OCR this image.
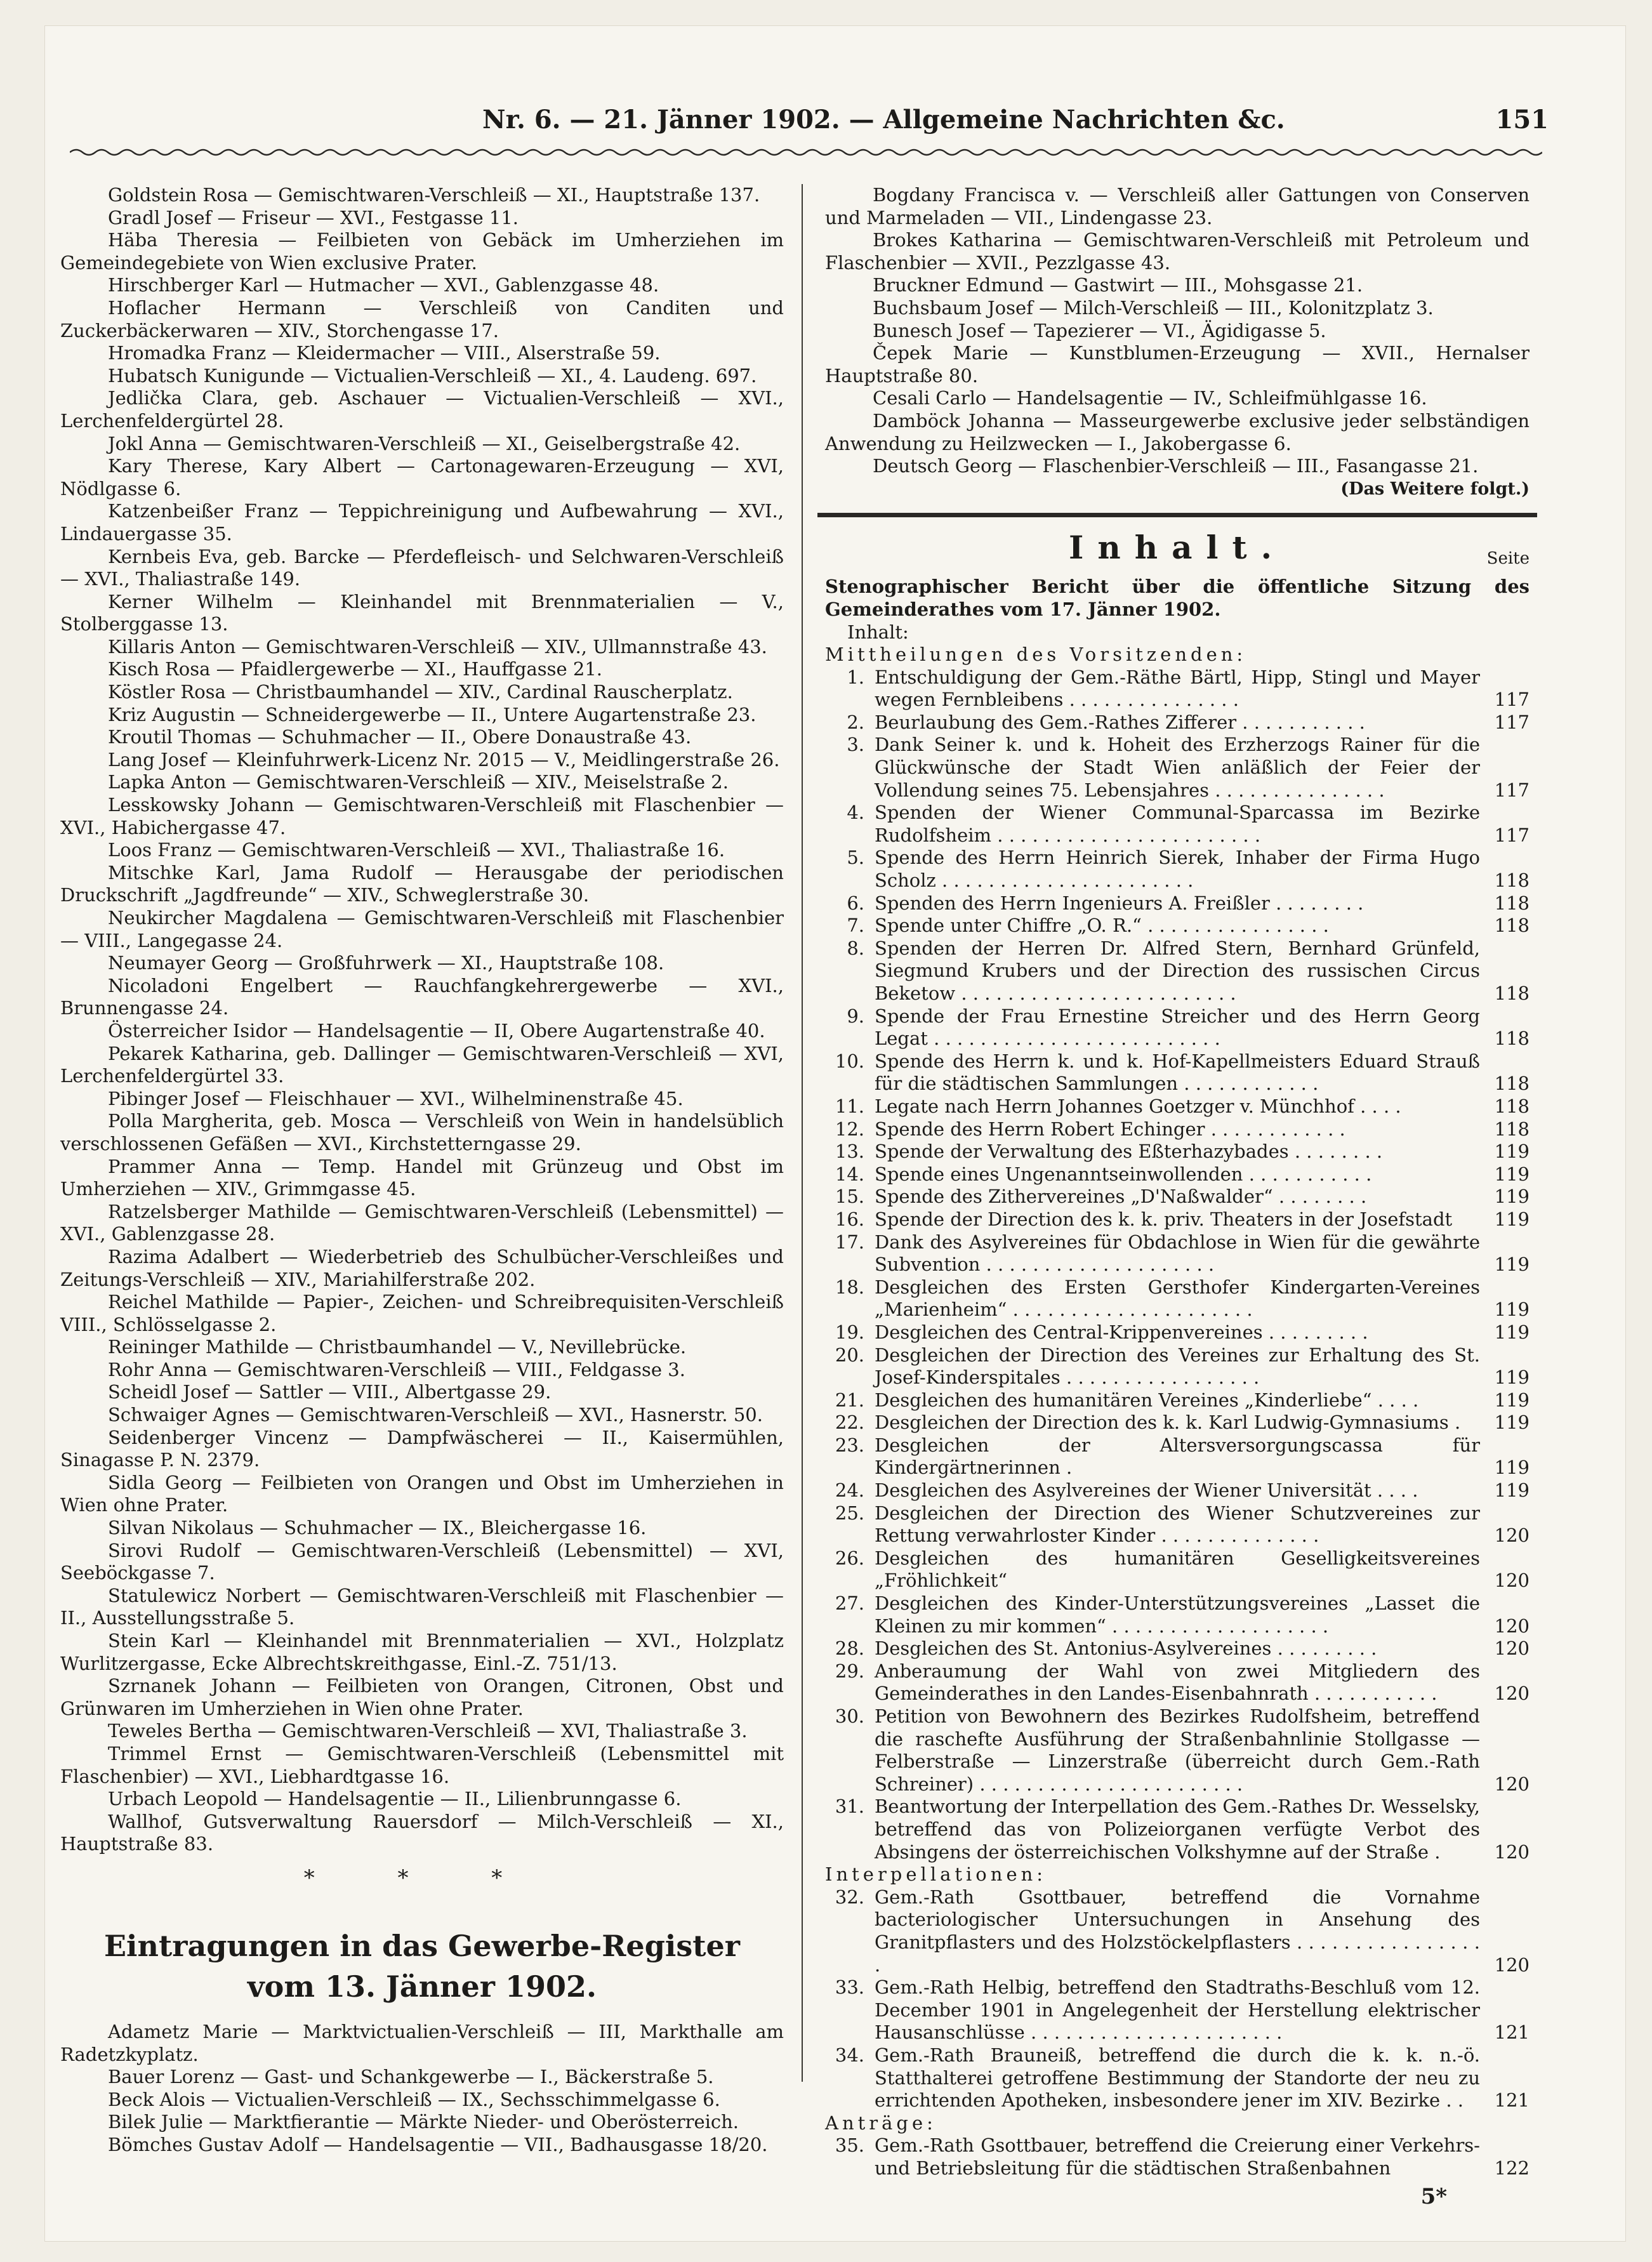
Nr. 6. — 21. Jänner 1902. — Allgemeine Nachrichten &c.	151

Goldstein Rosa — Gemischtwaren-Verschleiß — XI., Hauptstraße 137.

Gradl Josef — Friseur — XVI., Festgasse 11.

Häba Theresia — Feilbieten von Gebäck im Umherziehen im Gemeindegebiete von Wien exclusive Prater.

Hirschberger Karl — Hutmacher — XVI., Gablenzgasse 48.

Hoflacher Hermann — Verschleiß von Canditen und Zuckerbäckerwaren — XIV., Storchengasse 17.

Hromadka Franz — Kleidermacher — VIII., Alserstraße 59.

Hubatsch Kunigunde — Victualien-Verschleiß — XI., 4. Laudeng. 697.

Jedlička Clara, geb. Aschauer — Victualien-Verschleiß — XVI., Lerchenfeldergürtel 28.

Jokl Anna — Gemischtwaren-Verschleiß — XI., Geiselbergstraße 42.

Kary Therese, Kary Albert — Cartonagewaren-Erzeugung — XVI, Nödlgasse 6.

Katzenbeißer Franz — Teppichreinigung und Aufbewahrung — XVI., Lindauergasse 35.

Kernbeis Eva, geb. Barcke — Pferdefleisch- und Selchwaren-Verschleiß — XVI., Thaliastraße 149.

Kerner Wilhelm — Kleinhandel mit Brennmaterialien — V., Stolberggasse 13.

Killaris Anton — Gemischtwaren-Verschleiß — XIV., Ullmannstraße 43.

Kisch Rosa — Pfaidlergewerbe — XI., Hauffgasse 21.

Köstler Rosa — Christbaumhandel — XIV., Cardinal Rauscherplatz.

Kriz Augustin — Schneidergewerbe — II., Untere Augartenstraße 23.

Kroutil Thomas — Schuhmacher — II., Obere Donaustraße 43.

Lang Josef — Kleinfuhrwerk-Licenz Nr. 2015 — V., Meidlingerstraße 26.

Lapka Anton — Gemischtwaren-Verschleiß — XIV., Meiselstraße 2.

Lesskowsky Johann — Gemischtwaren-Verschleiß mit Flaschenbier — XVI., Habichergasse 47.

Loos Franz — Gemischtwaren-Verschleiß — XVI., Thaliastraße 16.

Mitschke Karl, Jama Rudolf — Herausgabe der periodischen Druckschrift „Jagdfreunde“ — XIV., Schweglerstraße 30.

Neukircher Magdalena — Gemischtwaren-Verschleiß mit Flaschenbier — VIII., Langegasse 24.

Neumayer Georg — Großfuhrwerk — XI., Hauptstraße 108.

Nicoladoni Engelbert — Rauchfangkehrergewerbe — XVI., Brunnengasse 24.

Österreicher Isidor — Handelsagentie — II, Obere Augartenstraße 40.

Pekarek Katharina, geb. Dallinger — Gemischtwaren-Verschleiß — XVI, Lerchenfeldergürtel 33.

Pibinger Josef — Fleischhauer — XVI., Wilhelminenstraße 45.

Polla Margherita, geb. Mosca — Verschleiß von Wein in handelsüblich verschlossenen Gefäßen — XVI., Kirchstetterngasse 29.

Prammer Anna — Temp. Handel mit Grünzeug und Obst im Umherziehen — XIV., Grimmgasse 45.

Ratzelsberger Mathilde — Gemischtwaren-Verschleiß (Lebensmittel) — XVI., Gablenzgasse 28.

Razima Adalbert — Wiederbetrieb des Schulbücher-Verschleißes und Zeitungs-Verschleiß — XIV., Mariahilferstraße 202.

Reichel Mathilde — Papier-, Zeichen- und Schreibrequisiten-Verschleiß VIII., Schlösselgasse 2.

Reininger Mathilde — Christbaumhandel — V., Nevillebrücke.

Rohr Anna — Gemischtwaren-Verschleiß — VIII., Feldgasse 3.

Scheidl Josef — Sattler — VIII., Albertgasse 29.

Schwaiger Agnes — Gemischtwaren-Verschleiß — XVI., Hasnerstr. 50.

Seidenberger Vincenz — Dampfwäscherei — II., Kaisermühlen, Sinagasse P. N. 2379.

Sidla Georg — Feilbieten von Orangen und Obst im Umherziehen in Wien ohne Prater.

Silvan Nikolaus — Schuhmacher — IX., Bleichergasse 16.

Sirovi Rudolf — Gemischtwaren-Verschleiß (Lebensmittel) — XVI, Seeböckgasse 7.

Statulewicz Norbert — Gemischtwaren-Verschleiß mit Flaschenbier — II., Ausstellungsstraße 5.

Stein Karl — Kleinhandel mit Brennmaterialien — XVI., Holzplatz Wurlitzergasse, Ecke Albrechtskreithgasse, Einl.-Z. 751/13.

Szrnanek Johann — Feilbieten von Orangen, Citronen, Obst und Grünwaren im Umherziehen in Wien ohne Prater.

Teweles Bertha — Gemischtwaren-Verschleiß — XVI, Thaliastraße 3.

Trimmel Ernst — Gemischtwaren-Verschleiß (Lebensmittel mit Flaschenbier) — XVI., Liebhardtgasse 16.

Urbach Leopold — Handelsagentie — II., Lilienbrunngasse 6.

Wallhof, Gutsverwaltung Rauersdorf — Milch-Verschleiß — XI., Hauptstraße 83.

* * *
Eintragungen in das Gewerbe-Register
vom 13. Jänner 1902.

Adametz Marie — Marktvictualien-Verschleiß — III, Markthalle am Radetzkyplatz.

Bauer Lorenz — Gast- und Schankgewerbe — I., Bäckerstraße 5.

Beck Alois — Victualien-Verschleiß — IX., Sechsschimmelgasse 6.

Bilek Julie — Marktfierantie — Märkte Nieder- und Oberösterreich.

Bömches Gustav Adolf — Handelsagentie — VII., Badhausgasse 18/20.

Bogdany Francisca v. — Verschleiß aller Gattungen von Conserven und Marmeladen — VII., Lindengasse 23.

Brokes Katharina — Gemischtwaren-Verschleiß mit Petroleum und Flaschenbier — XVII., Pezzlgasse 43.

Bruckner Edmund — Gastwirt — III., Mohsgasse 21.

Buchsbaum Josef — Milch-Verschleiß — III., Kolonitzplatz 3.

Bunesch Josef — Tapezierer — VI., Ägidigasse 5.

Čepek Marie — Kunstblumen-Erzeugung — XVII., Hernalser Hauptstraße 80.

Cesali Carlo — Handelsagentie — IV., Schleifmühlgasse 16.

Damböck Johanna — Masseurgewerbe exclusive jeder selbständigen Anwendung zu Heilzwecken — I., Jakobergasse 6.

Deutsch Georg — Flaschenbier-Verschleiß — III., Fasangasse 21.

(Das Weitere folgt.)
Inhalt.	Seite

Stenographischer Bericht über die öffentliche Sitzung des Gemeinderathes vom 17. Jänner 1902.

Inhalt:

Mittheilungen des Vorsitzenden:

1. Entschuldigung der Gem.-Räthe Bärtl, Hipp, Stingl und Mayer wegen Fernbleibens . . . . . . . . . . . . . . .	117
2. Beurlaubung des Gem.-Rathes Zifferer . . . . . . . . . . .	117
3. Dank Seiner k. und k. Hoheit des Erzherzogs Rainer für die Glückwünsche der Stadt Wien anläßlich der Feier der Vollendung seines 75. Lebensjahres . . . . . . . . . . . . . . .	117
4. Spenden der Wiener Communal-Sparcassa im Bezirke Rudolfsheim . . . . . . . . . . . . . . . . . . . . . . .	117
5. Spende des Herrn Heinrich Sierek, Inhaber der Firma Hugo Scholz . . . . . . . . . . . . . . . . . . . . . .	118
6. Spenden des Herrn Ingenieurs A. Freißler . . . . . . . .	118
7. Spende unter Chiffre „O. R.“ . . . . . . . . . . . . . . . .	118
8. Spenden der Herren Dr. Alfred Stern, Bernhard Grünfeld, Siegmund Krubers und der Direction des russischen Circus Beketow . . . . . . . . . . . . . . . . . . . . . . . .	118
9. Spende der Frau Ernestine Streicher und des Herrn Georg Legat . . . . . . . . . . . . . . . . . . . . . . . . .	118
10. Spende des Herrn k. und k. Hof-Kapellmeisters Eduard Strauß für die städtischen Sammlungen . . . . . . . . . . . .	118
11. Legate nach Herrn Johannes Goetzger v. Münchhof . . . .	118
12. Spende des Herrn Robert Echinger . . . . . . . . . . . .	118
13. Spende der Verwaltung des Eßterhazybades . . . . . . . .	119
14. Spende eines Ungenanntseinwollenden . . . . . . . . . . .	119
15. Spende des Zithervereines „D'Naßwalder“ . . . . . . . .	119
16. Spende der Direction des k. k. priv. Theaters in der Josefstadt	119
17. Dank des Asylvereines für Obdachlose in Wien für die gewährte Subvention . . . . . . . . . . . . . . . . . . . .	119
18. Desgleichen des Ersten Gersthofer Kindergarten-Vereines „Marienheim“ . . . . . . . . . . . . . . . . . . . . .	119
19. Desgleichen des Central-Krippenvereines . . . . . . . . .	119
20. Desgleichen der Direction des Vereines zur Erhaltung des St. Josef-Kinderspitales . . . . . . . . . . . . . . . . .	119
21. Desgleichen des humanitären Vereines „Kinderliebe“ . . . .	119
22. Desgleichen der Direction des k. k. Karl Ludwig-Gymnasiums .	119
23. Desgleichen der Altersversorgungscassa für Kindergärtnerinnen .	119
24. Desgleichen des Asylvereines der Wiener Universität . . . .	119
25. Desgleichen der Direction des Wiener Schutzvereines zur Rettung verwahrloster Kinder . . . . . . . . . . . . . .	120
26. Desgleichen des humanitären Geselligkeitsvereines „Fröhlichkeit“	120
27. Desgleichen des Kinder-Unterstützungsvereines „Lasset die Kleinen zu mir kommen“ . . . . . . . . . . . . . . . . . . .	120
28. Desgleichen des St. Antonius-Asylvereines . . . . . . . . .	120
29. Anberaumung der Wahl von zwei Mitgliedern des Gemeinderathes in den Landes-Eisenbahnrath . . . . . . . . . . .	120
30. Petition von Bewohnern des Bezirkes Rudolfsheim, betreffend die raschefte Ausführung der Straßenbahnlinie Stollgasse — Felberstraße — Linzerstraße (überreicht durch Gem.-Rath Schreiner) . . . . . . . . . . . . . . . . . . . . . . .	120
31. Beantwortung der Interpellation des Gem.-Rathes Dr. Wesselsky, betreffend das von Polizeiorganen verfügte Verbot des Absingens der österreichischen Volkshymne auf der Straße .	120

Interpellationen:

32. Gem.-Rath Gsottbauer, betreffend die Vornahme bacteriologischer Untersuchungen in Ansehung des Granitpflasters und des Holzstöckelpflasters . . . . . . . . . . . . . . . . .	120
33. Gem.-Rath Helbig, betreffend den Stadtraths-Beschluß vom 12. December 1901 in Angelegenheit der Herstellung elektrischer Hausanschlüsse . . . . . . . . . . . . . . . . . . . . . .	121
34. Gem.-Rath Brauneiß, betreffend die durch die k. k. n.-ö. Statthalterei getroffene Bestimmung der Standorte der neu zu errichtenden Apotheken, insbesondere jener im XIV. Bezirke . .	121

Anträge:

35. Gem.-Rath Gsottbauer, betreffend die Creierung einer Verkehrs- und Betriebsleitung für die städtischen Straßenbahnen	122
5*
